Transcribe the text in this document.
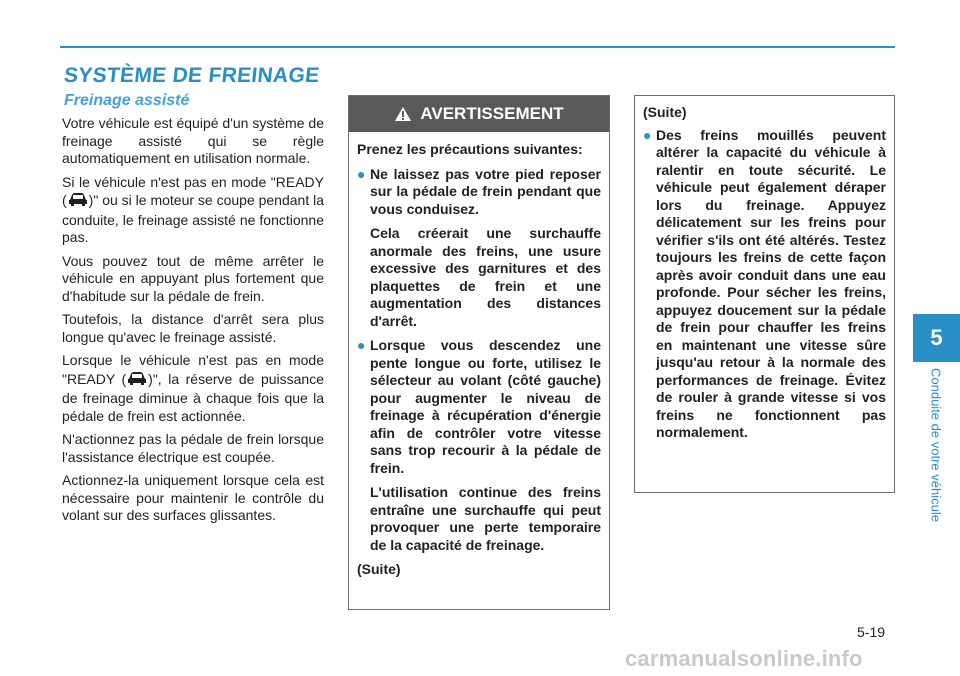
SYSTÈME DE FREINAGE
Freinage assisté

Votre véhicule est équipé d'un système de freinage assisté qui se règle automatiquement en utilisation normale.

Si le véhicule n'est pas en mode "READY ( )" ou si le moteur se coupe pendant la conduite, le freinage assisté ne fonctionne pas.

Vous pouvez tout de même arrêter le véhicule en appuyant plus fortement que d'habitude sur la pédale de frein.

Toutefois, la distance d'arrêt sera plus longue qu'avec le freinage assisté.

Lorsque le véhicule n'est pas en mode "READY ( )", la réserve de puissance de freinage diminue à chaque fois que la pédale de frein est actionnée.

N'actionnez pas la pédale de frein lorsque l'assistance électrique est coupée.

Actionnez-la uniquement lorsque cela est nécessaire pour maintenir le contrôle du volant sur des surfaces glissantes.

AVERTISSEMENT

Prenez les précautions suivantes:

● Ne laissez pas votre pied reposer sur la pédale de frein pendant que vous conduisez.

Cela créerait une surchauffe anormale des freins, une usure excessive des garnitures et des plaquettes de frein et une augmentation des distances d'arrêt.

● Lorsque vous descendez une pente longue ou forte, utilisez le sélecteur au volant (côté gauche) pour augmenter le niveau de freinage à récupération d'énergie afin de contrôler votre vitesse sans trop recourir à la pédale de frein.

L'utilisation continue des freins entraîne une surchauffe qui peut provoquer une perte temporaire de la capacité de freinage.

(Suite)

(Suite)
● Des freins mouillés peuvent altérer la capacité du véhicule à ralentir en toute sécurité. Le véhicule peut également déraper lors du freinage. Appuyez délicatement sur les freins pour vérifier s'ils ont été altérés. Testez toujours les freins de cette façon après avoir conduit dans une eau profonde. Pour sécher les freins, appuyez doucement sur la pédale de frein pour chauffer les freins en maintenant une vitesse sûre jusqu'au retour à la normale des performances de freinage. Évitez de rouler à grande vitesse si vos freins ne fonctionnent pas normalement.
5
Conduite de votre véhicule
5-19
carmanualsonline.info
